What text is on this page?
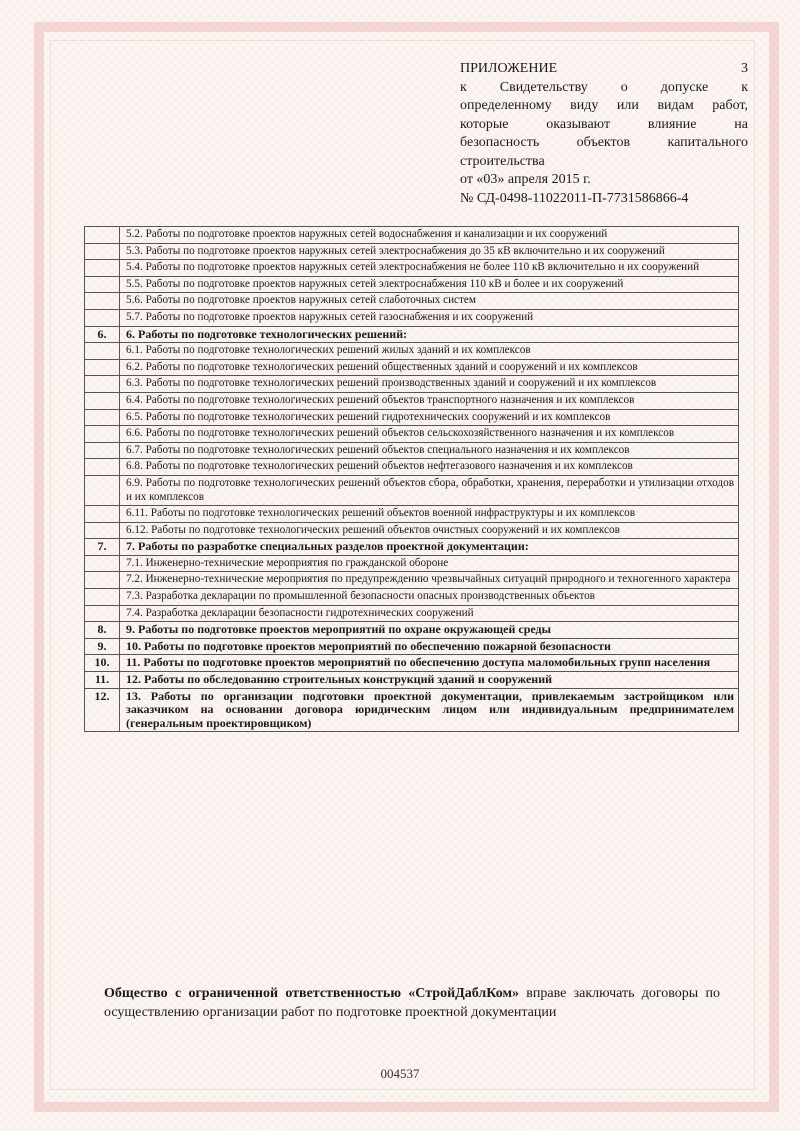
ПРИЛОЖЕНИЕ	3
к Свидетельству о допуске к
определенному виду или видам работ,
которые оказывают влияние на
безопасность объектов капитального
строительства
от «03» апреля 2015 г.
№ СД-0498-11022011-П-7731586866-4
	5.2. Работы по подготовке проектов наружных сетей водоснабжения и канализации и их сооружений
	5.3. Работы по подготовке проектов наружных сетей электроснабжения до 35 кВ включительно и их сооружений
	5.4. Работы по подготовке проектов наружных сетей электроснабжения не более 110 кВ включительно и их сооружений
	5.5. Работы по подготовке проектов наружных сетей электроснабжения 110 кВ и более и их сооружений
	5.6. Работы по подготовке проектов наружных сетей слаботочных систем
	5.7. Работы по подготовке проектов наружных сетей газоснабжения и их сооружений
6.	6. Работы по подготовке технологических решений:
	6.1. Работы по подготовке технологических решений жилых зданий и их комплексов
	6.2. Работы по подготовке технологических решений общественных зданий и сооружений и их комплексов
	6.3. Работы по подготовке технологических решений производственных зданий и сооружений и их комплексов
	6.4. Работы по подготовке технологических решений объектов транспортного назначения и их комплексов
	6.5. Работы по подготовке технологических решений гидротехнических сооружений и их комплексов
	6.6. Работы по подготовке технологических решений объектов сельскохозяйственного назначения и их комплексов
	6.7. Работы по подготовке технологических решений объектов специального назначения и их комплексов
	6.8. Работы по подготовке технологических решений объектов нефтегазового назначения и их комплексов
	6.9. Работы по подготовке технологических решений объектов сбора, обработки, хранения, переработки и утилизации отходов и их комплексов
	6.11. Работы по подготовке технологических решений объектов военной инфраструктуры и их комплексов
	6.12. Работы по подготовке технологических решений объектов очистных сооружений и их комплексов
7.	7. Работы по разработке специальных разделов проектной документации:
	7.1. Инженерно-технические мероприятия по гражданской обороне
	7.2. Инженерно-технические мероприятия по предупреждению чрезвычайных ситуаций природного и техногенного характера
	7.3. Разработка декларации по промышленной безопасности опасных производственных объектов
	7.4. Разработка декларации безопасности гидротехнических сооружений
8.	9. Работы по подготовке проектов мероприятий по охране окружающей среды
9.	10. Работы по подготовке проектов мероприятий по обеспечению пожарной безопасности
10.	11. Работы по подготовке проектов мероприятий по обеспечению доступа маломобильных групп населения
11.	12. Работы по обследованию строительных конструкций зданий и сооружений
12.	13. Работы по организации подготовки проектной документации, привлекаемым застройщиком или заказчиком на основании договора юридическим лицом или индивидуальным предпринимателем (генеральным проектировщиком)
Общество с ограниченной ответственностью «СтройДаблКом» вправе заключать договоры по осуществлению организации работ по подготовке проектной документации
004537
